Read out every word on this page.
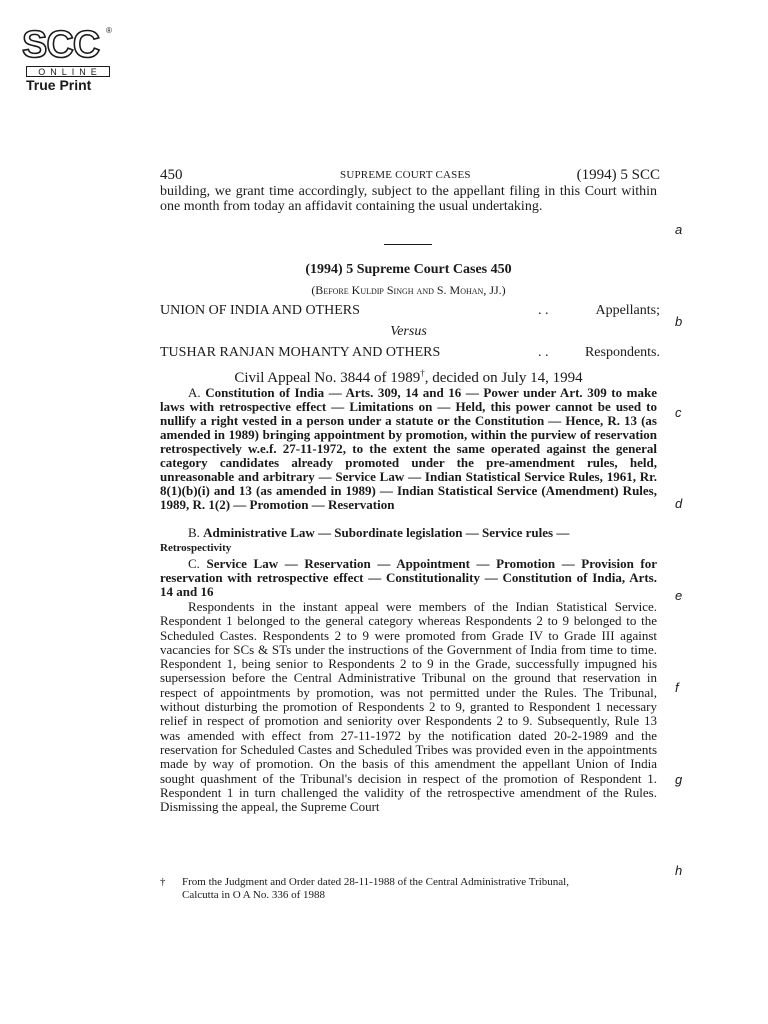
SCC ®
ONLINE
True Print
450	SUPREME COURT CASES	(1994) 5 SCC

building, we grant time accordingly, subject to the appellant filing in this Court within one month from today an affidavit containing the usual undertaking.

(1994) 5 Supreme Court Cases 450
(Before Kuldip Singh and S. Mohan, JJ.)
UNION OF INDIA AND OTHERS	. .	Appellants;
Versus
TUSHAR RANJAN MOHANTY AND OTHERS	. .	Respondents.
Civil Appeal No. 3844 of 1989†, decided on July 14, 1994

A. Constitution of India — Arts. 309, 14 and 16 — Power under Art. 309 to make laws with retrospective effect — Limitations on — Held, this power cannot be used to nullify a right vested in a person under a statute or the Constitution — Hence, R. 13 (as amended in 1989) bringing appointment by promotion, within the purview of reservation retrospectively w.e.f. 27-11-1972, to the extent the same operated against the general category candidates already promoted under the pre-amendment rules, held, unreasonable and arbitrary — Service Law — Indian Statistical Service Rules, 1961, Rr. 8(1)(b)(i) and 13 (as amended in 1989) — Indian Statistical Service (Amendment) Rules, 1989, R. 1(2) — Promotion — Reservation

B. Administrative Law — Subordinate legislation — Service rules —
Retrospectivity

C. Service Law — Reservation — Appointment — Promotion — Provision for reservation with retrospective effect — Constitutionality — Constitution of India, Arts. 14 and 16

Respondents in the instant appeal were members of the Indian Statistical Service. Respondent 1 belonged to the general category whereas Respondents 2 to 9 belonged to the Scheduled Castes. Respondents 2 to 9 were promoted from Grade IV to Grade III against vacancies for SCs & STs under the instructions of the Government of India from time to time. Respondent 1, being senior to Respondents 2 to 9 in the Grade, successfully impugned his supersession before the Central Administrative Tribunal on the ground that reservation in respect of appointments by promotion, was not permitted under the Rules. The Tribunal, without disturbing the promotion of Respondents 2 to 9, granted to Respondent 1 necessary relief in respect of promotion and seniority over Respondents 2 to 9. Subsequently, Rule 13 was amended with effect from 27-11-1972 by the notification dated 20-2-1989 and the reservation for Scheduled Castes and Scheduled Tribes was provided even in the appointments made by way of promotion. On the basis of this amendment the appellant Union of India sought quashment of the Tribunal's decision in respect of the promotion of Respondent 1. Respondent 1 in turn challenged the validity of the retrospective amendment of the Rules. Dismissing the appeal, the Supreme Court

† From the Judgment and Order dated 28-11-1988 of the Central Administrative Tribunal,
Calcutta in O A No. 336 of 1988
a
b
c
d
e
f
g
h
